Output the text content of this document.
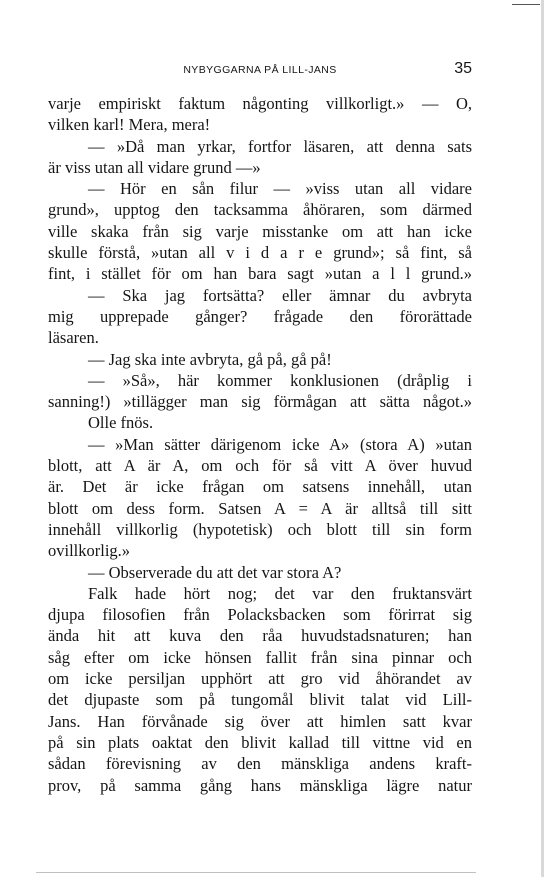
NYBYGGARNA PÅ LILL-JANS	35
varje empiriskt faktum någonting villkorligt.» — O,
vilken karl! Mera, mera!
— »Då man yrkar, fortfor läsaren, att denna sats
är viss utan all vidare grund —»
— Hör en sån filur — »viss utan all vidare
grund», upptog den tacksamma åhöraren, som därmed
ville skaka från sig varje misstanke om att han icke
skulle förstå, »utan all v i d a r e grund»; så fint, så
fint, i stället för om han bara sagt »utan a l l grund.»
— Ska jag fortsätta? eller ämnar du avbryta
mig upprepade gånger? frågade den förorättade
läsaren.
— Jag ska inte avbryta, gå på, gå på!
— »Så», här kommer konklusionen (dråplig i
sanning!) »tillägger man sig förmågan att sätta något.»
Olle fnös.
— »Man sätter därigenom icke A» (stora A) »utan
blott, att A är A, om och för så vitt A över huvud
är. Det är icke frågan om satsens innehåll, utan
blott om dess form. Satsen A = A är alltså till sitt
innehåll villkorlig (hypotetisk) och blott till sin form
ovillkorlig.»
— Observerade du att det var stora A?
Falk hade hört nog; det var den fruktansvärt
djupa filosofien från Polacksbacken som förirrat sig
ända hit att kuva den råa huvudstadsnaturen; han
såg efter om icke hönsen fallit från sina pinnar och
om icke persiljan upphört att gro vid åhörandet av
det djupaste som på tungomål blivit talat vid Lill-
Jans. Han förvånade sig över att himlen satt kvar
på sin plats oaktat den blivit kallad till vittne vid en
sådan förevisning av den mänskliga andens kraft-
prov, på samma gång hans mänskliga lägre natur
